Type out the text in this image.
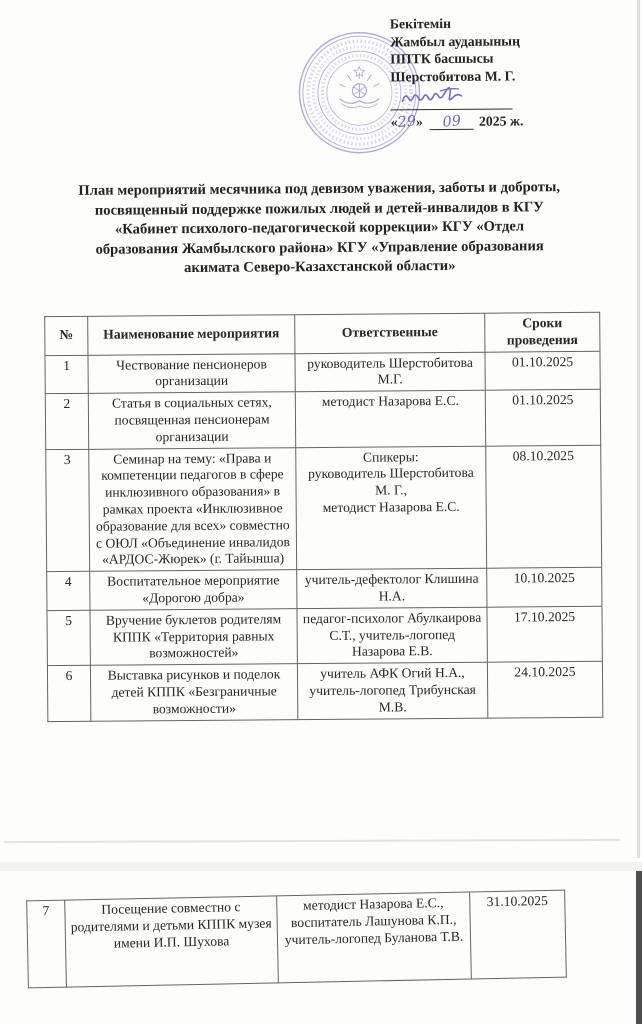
Бекітемін
Жамбыл ауданының
ППТК басшысы
Шерстобитова М. Г.
«29» 09 2025 ж.
План мероприятий месячника под девизом уважения, заботы и доброты,
посвященный поддержке пожилых людей и детей-инвалидов в КГУ
«Кабинет психолого-педагогической коррекции» КГУ «Отдел
образования Жамбылского района» КГУ «Управление образования
акимата Северо-Казахстанской области»
№	Наименование мероприятия	Ответственные	Сроки проведения
1	Чествование пенсионеров организации	руководитель Шерстобитова М.Г.	01.10.2025
2	Статья в социальных сетях, посвященная пенсионерам организации	методист Назарова Е.С.	01.10.2025
3	Семинар на тему: «Права и компетенции педагогов в сфере инклюзивного образования» в рамках проекта «Инклюзивное образование для всех» совместно с ОЮЛ «Объединение инвалидов «АРДОС-Жюрек» (г. Тайынша)	Спикеры:
руководитель Шерстобитова М. Г.,
методист Назарова Е.С.	08.10.2025
4	Воспитательное мероприятие «Дорогою добра»	учитель-дефектолог Клишина Н.А.	10.10.2025
5	Вручение буклетов родителям КППК «Территория равных возможностей»	педагог-психолог Абулкаирова С.Т., учитель-логопед Назарова Е.В.	17.10.2025
6	Выставка рисунков и поделок детей КППК «Безграничные возможности»	учитель АФК Огий Н.А., учитель-логопед Трибунская М.В.	24.10.2025
7	Посещение совместно с родителями и детьми КППК музея имени И.П. Шухова	методист Назарова Е.С., воспитатель Лашунова К.П., учитель-логопед Буланова Т.В.	31.10.2025
